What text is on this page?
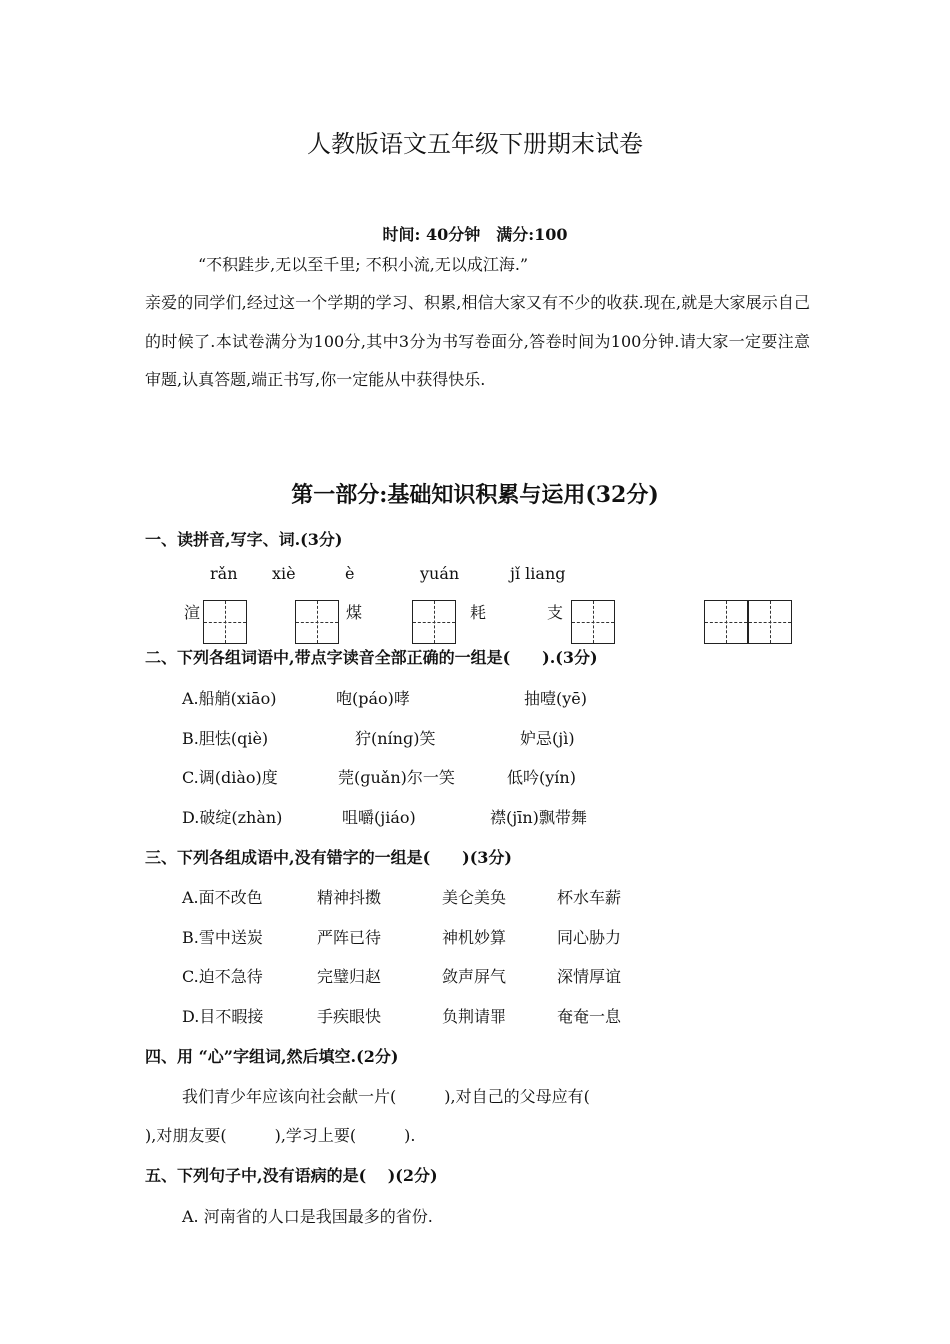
人教版语文五年级下册期末试卷
时间: 40分钟　满分:100
“不积跬步,无以至千里; 不积小流,无以成江海.”
亲爱的同学们,经过这一个学期的学习、积累,相信大家又有不少的收获.现在,就是大家展示自己的时候了.本试卷满分为100分,其中3分为书写卷面分,答卷时间为100分钟.请大家一定要注意审题,认真答题,端正书写,你一定能从中获得快乐.
第一部分:基础知识积累与运用(32分)
一、读拼音,写字、词.(3分)
rǎn xiè	è	yuán	jǐ liang
渲	煤	耗	支
二、下列各组词语中,带点字读音全部正确的一组是(　　).(3分)
A.船艄(xiāo)	咆(páo)哮	抽噎(yē)
B.胆怯(qiè)	狞(nínɡ)笑	妒忌(jì)
C.调(diào)度	莞(ɡuǎn)尔一笑	低吟(yín)
D.破绽(zhàn)	咀嚼(jiáo)	襟(jīn)飘带舞
三、下列各组成语中,没有错字的一组是(　　)(3分)
A.面不改色	精神抖擞	美仑美奂	杯水车薪
B.雪中送炭	严阵已待	神机妙算	同心胁力
C.迫不急待	完璧归赵	敛声屏气	深情厚谊
D.目不暇接	手疾眼快	负荆请罪	奄奄一息
四、用 “心”字组词,然后填空.(2分)
我们青少年应该向社会献一片(　　　),对自己的父母应有(
),对朋友要(　　　),学习上要(　　　).
五、下列句子中,没有语病的是(　 )(2分)
A. 河南省的人口是我国最多的省份.
